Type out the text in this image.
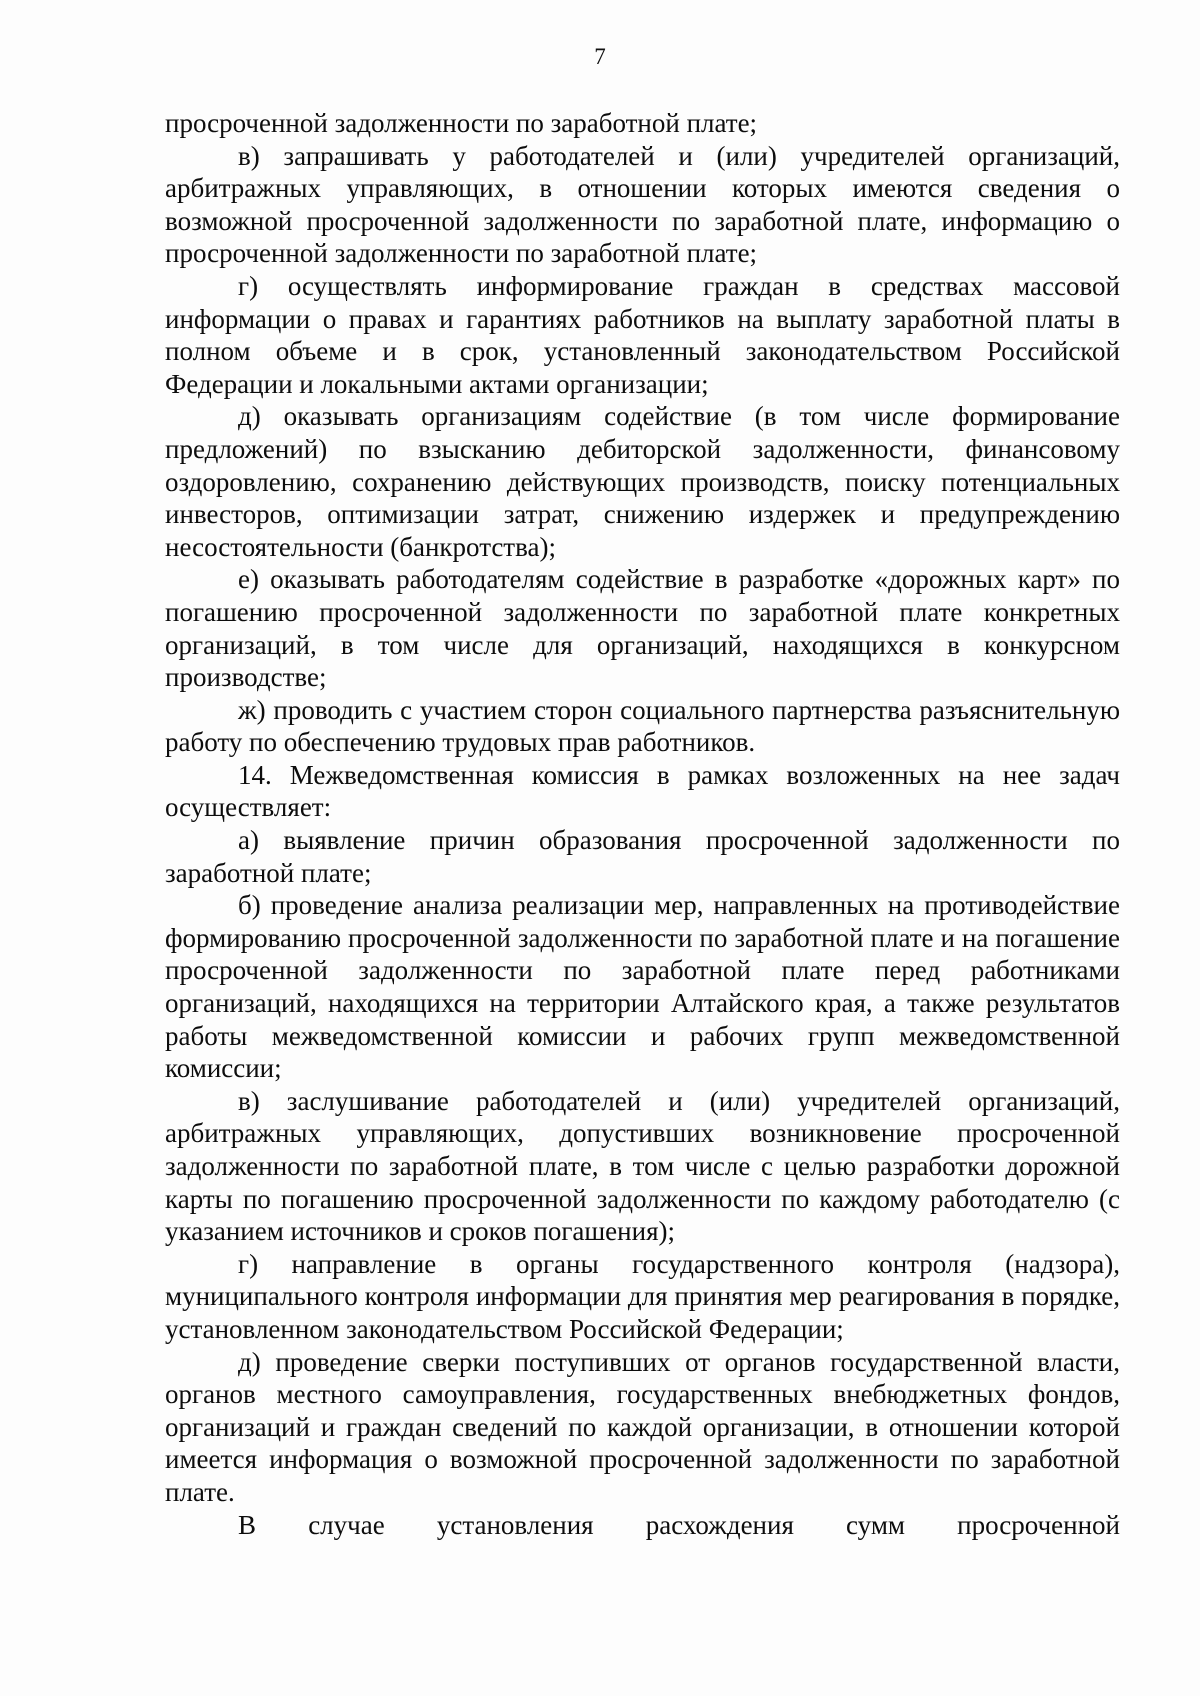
7

просроченной задолженности по заработной плате;

в) запрашивать у работодателей и (или) учредителей организаций, арбитражных управляющих, в отношении которых имеются сведения о возможной просроченной задолженности по заработной плате, информацию о просроченной задолженности по заработной плате;

г) осуществлять информирование граждан в средствах массовой информации о правах и гарантиях работников на выплату заработной платы в полном объеме и в срок, установленный законодательством Российской Федерации и локальными актами организации;

д) оказывать организациям содействие (в том числе формирование предложений) по взысканию дебиторской задолженности, финансовому оздоровлению, сохранению действующих производств, поиску потенциальных инвесторов, оптимизации затрат, снижению издержек и предупреждению несостоятельности (банкротства);

е) оказывать работодателям содействие в разработке «дорожных карт» по погашению просроченной задолженности по заработной плате конкретных организаций, в том числе для организаций, находящихся в конкурсном производстве;

ж) проводить с участием сторон социального партнерства разъяснительную работу по обеспечению трудовых прав работников.

14. Межведомственная комиссия в рамках возложенных на нее задач осуществляет:

а) выявление причин образования просроченной задолженности по заработной плате;

б) проведение анализа реализации мер, направленных на противодействие формированию просроченной задолженности по заработной плате и на погашение просроченной задолженности по заработной плате перед работниками организаций, находящихся на территории Алтайского края, а также результатов работы межведомственной комиссии и рабочих групп межведомственной комиссии;

в) заслушивание работодателей и (или) учредителей организаций, арбитражных управляющих, допустивших возникновение просроченной задолженности по заработной плате, в том числе с целью разработки дорожной карты по погашению просроченной задолженности по каждому работодателю (с указанием источников и сроков погашения);

г) направление в органы государственного контроля (надзора), муниципального контроля информации для принятия мер реагирования в порядке, установленном законодательством Российской Федерации;

д) проведение сверки поступивших от органов государственной власти, органов местного самоуправления, государственных внебюджетных фондов, организаций и граждан сведений по каждой организации, в отношении которой имеется информация о возможной просроченной задолженности по заработной плате.

В случае установления расхождения сумм просроченной
